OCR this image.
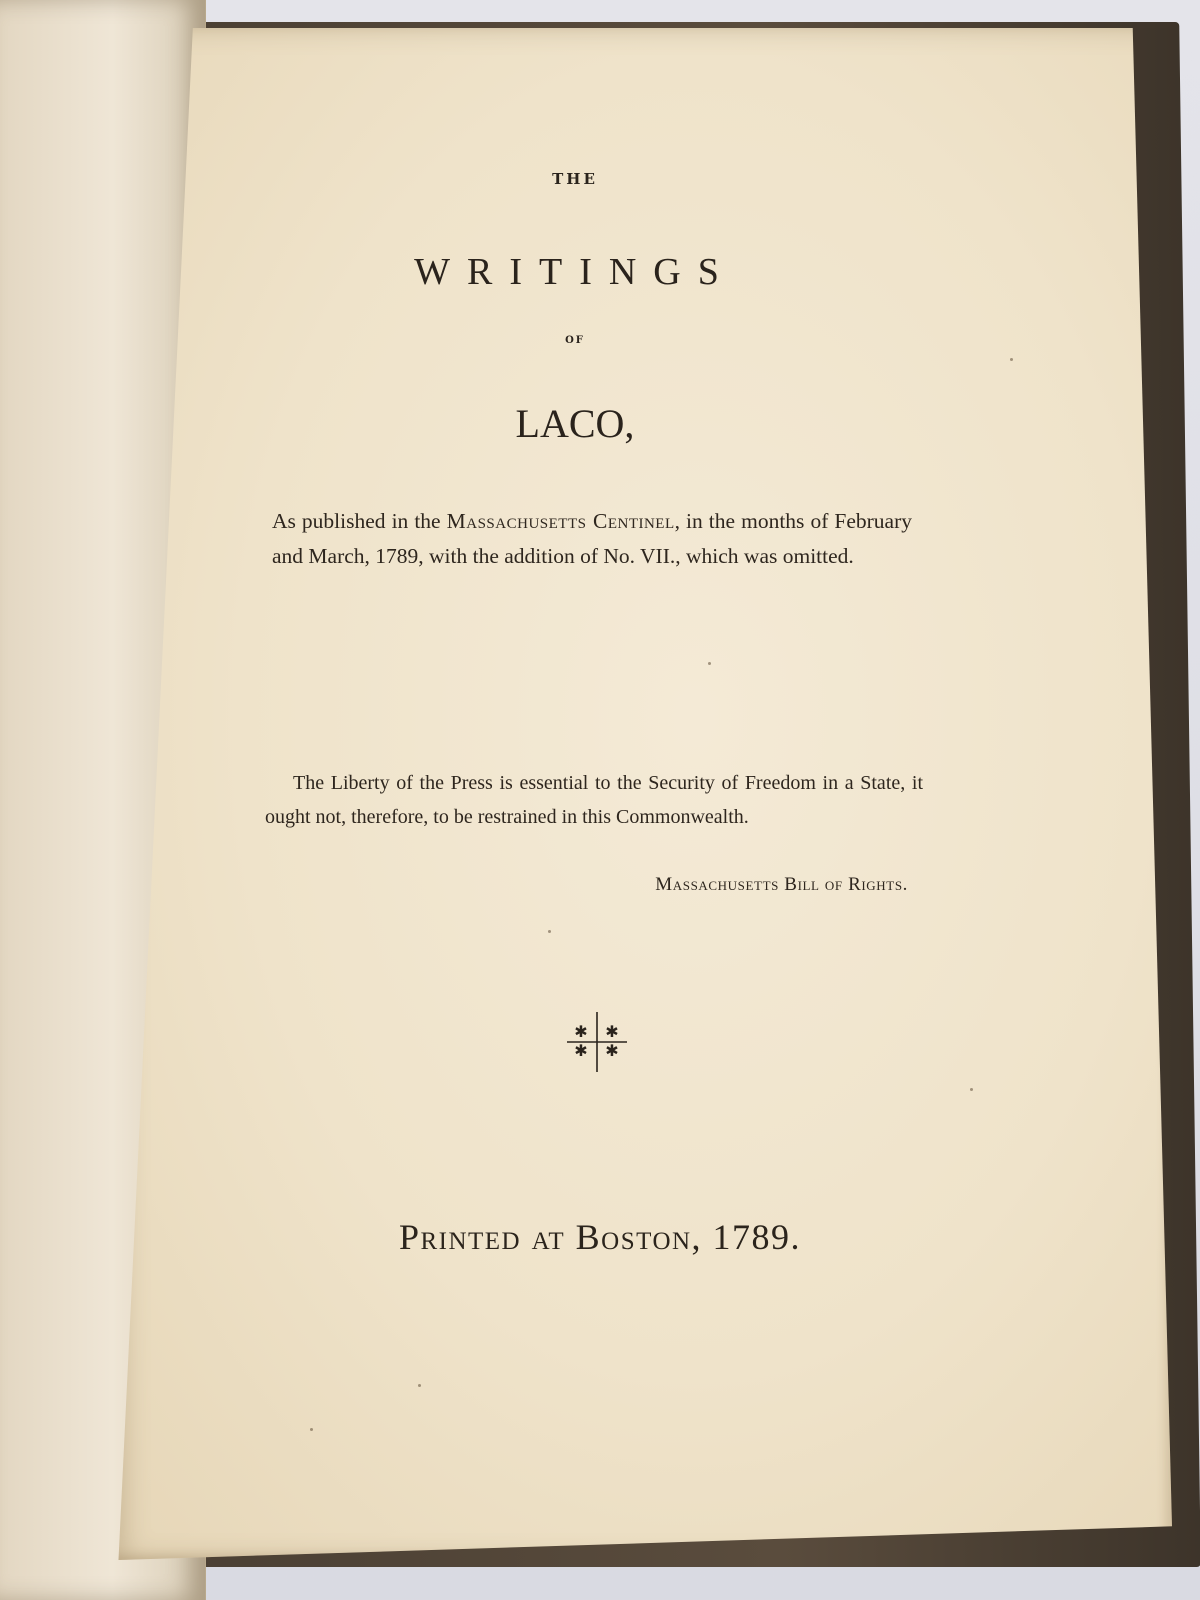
THE
WRITINGS
OF
LACO,
As published in the Massachusetts Centinel, in the months of February and March, 1789, with the addition of No. VII., which was omitted.
The Liberty of the Press is essential to the Security of Freedom in a State, it ought not, therefore, to be restrained in this Commonwealth.
Massachusetts Bill of Rights.
✱ ✱
✱ ✱
Printed at Boston, 1789.
